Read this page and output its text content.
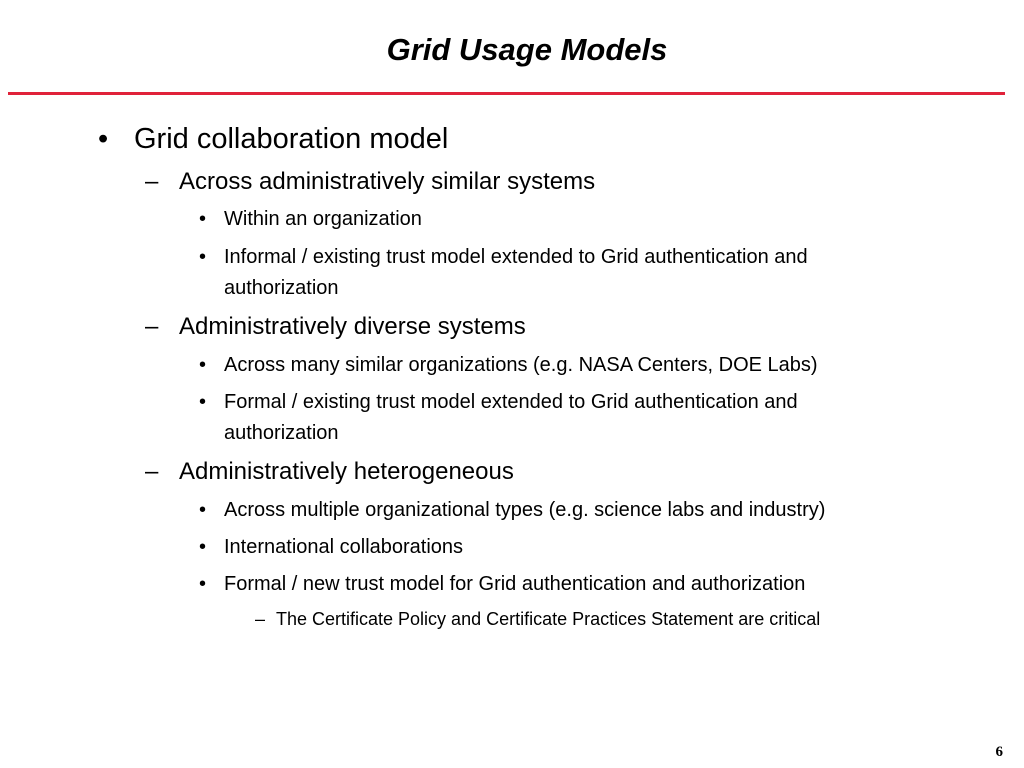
Grid Usage Models
• Grid collaboration model
– Across administratively similar systems
• Within an organization
• Informal / existing trust model extended to Grid authentication and
authorization
– Administratively diverse systems
• Across many similar organizations (e.g. NASA Centers, DOE Labs)
• Formal / existing trust model extended to Grid authentication and
authorization
– Administratively heterogeneous
• Across multiple organizational types (e.g. science labs and industry)
• International collaborations
• Formal / new trust model for Grid authentication and authorization
– The Certificate Policy and Certificate Practices Statement are critical
6
